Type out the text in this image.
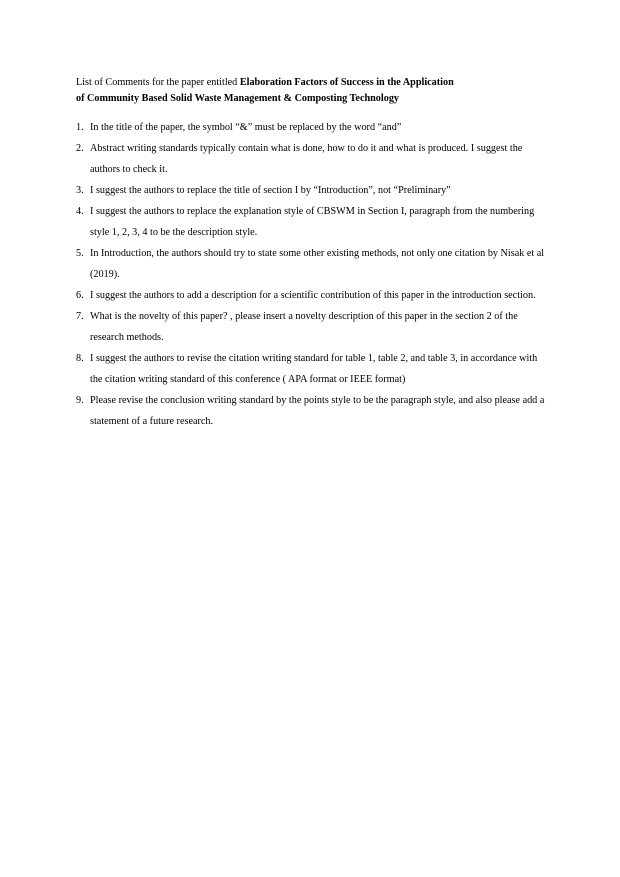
List of Comments for the paper entitled Elaboration Factors of Success in the Application
of Community Based Solid Waste Management & Composting Technology
1. In the title of the paper, the symbol “&” must be replaced by the word “and”
2. Abstract writing standards typically contain what is done, how to do it and what is produced. I suggest the authors to check it.
3. I suggest the authors to replace the title of section I by “Introduction”, not “Preliminary”
4. I suggest the authors to replace the explanation style of CBSWM in Section I, paragraph from the numbering style 1, 2, 3, 4 to be the description style.
5. In Introduction, the authors should try to state some other existing methods, not only one citation by Nisak et al (2019).
6. I suggest the authors to add a description for a scientific contribution of this paper in the introduction section.
7. What is the novelty of this paper? , please insert a novelty description of this paper in the section 2 of the research methods.
8. I suggest the authors to revise the citation writing standard for table 1, table 2, and table 3, in accordance with the citation writing standard of this conference ( APA format or IEEE format)
9. Please revise the conclusion writing standard by the points style to be the paragraph style, and also please add a statement of a future research.
